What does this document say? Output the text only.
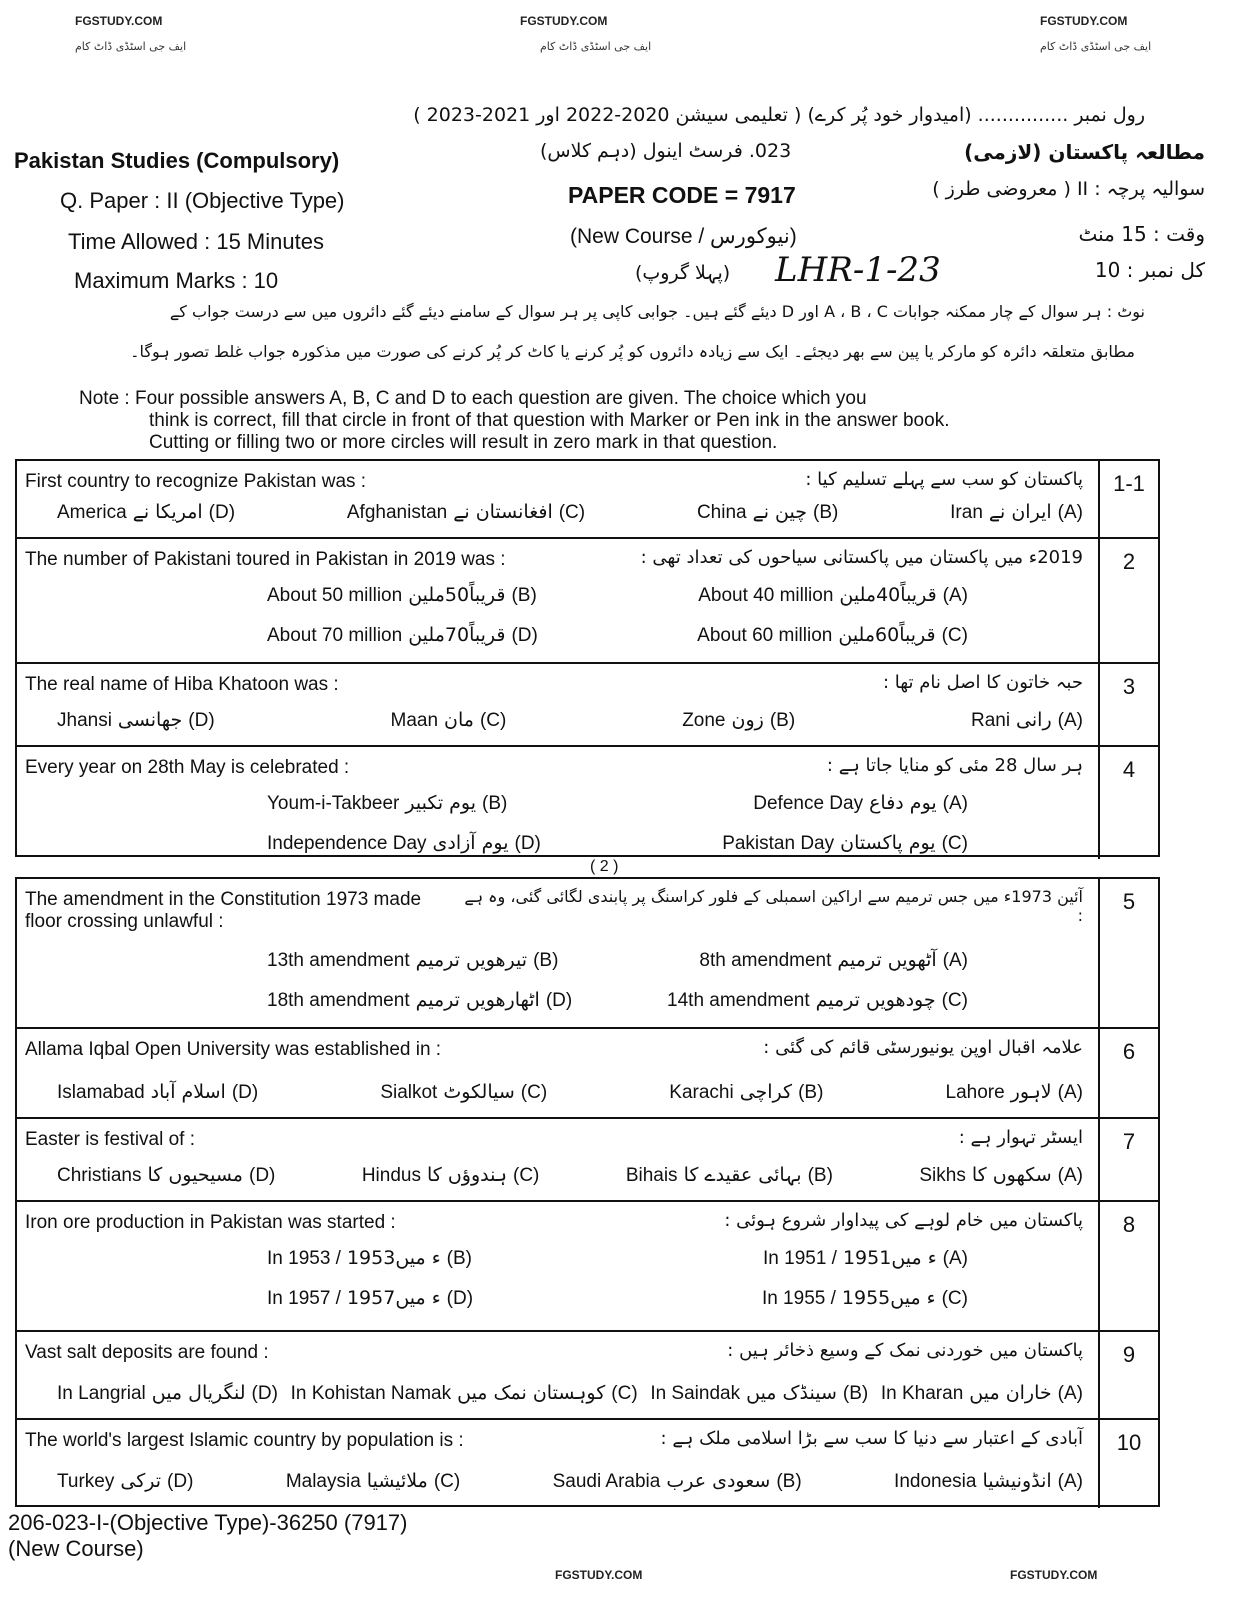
FGSTUDY.COM	FGSTUDY.COM	FGSTUDY.COM
ایف جی اسٹڈی ڈاٹ کام	ایف جی اسٹڈی ڈاٹ کام	ایف جی اسٹڈی ڈاٹ کام
رول نمبر ............... (امیدوار خود پُر کرے) ( تعلیمی سیشن 2020-2022 اور 2021-2023 )
Pakistan Studies (Compulsory)	مطالعہ پاکستان (لازمی)
023. فرسٹ اینول (دہم کلاس)
Q. Paper : II (Objective Type)	PAPER CODE = 7917	سوالیہ پرچہ : II ( معروضی طرز )
Time Allowed : 15 Minutes	(New Course / نیوکورس)	وقت : 15 منٹ
Maximum Marks : 10	(پہلا گروپ) LHR-1-23	کل نمبر : 10
نوٹ : ہر سوال کے چار ممکنہ جوابات A ، B ، C اور D دیئے گئے ہیں۔ جوابی کاپی پر ہر سوال کے سامنے دیئے گئے دائروں میں سے درست جواب کے
مطابق متعلقہ دائرہ کو مارکر یا پین سے بھر دیجئے۔ ایک سے زیادہ دائروں کو پُر کرنے یا کاٹ کر پُر کرنے کی صورت میں مذکورہ جواب غلط تصور ہوگا۔
Note : Four possible answers A, B, C and D to each question are given. The choice which you
think is correct, fill that circle in front of that question with Marker or Pen ink in the answer book.
Cutting or filling two or more circles will result in zero mark in that question.
1-1
First country to recognize Pakistan was :	پاکستان کو سب سے پہلے تسلیم کیا :
America امریکا نے (D)	Afghanistan افغانستان نے (C)	China چین نے (B)	Iran ایران نے (A)
2
The number of Pakistani toured in Pakistan in 2019 was :	2019ء میں پاکستان میں پاکستانی سیاحوں کی تعداد تھی :
About 50 million قریباً50ملین (B)	About 40 million قریباً40ملین (A)
About 70 million قریباً70ملین (D)	About 60 million قریباً60ملین (C)
3
The real name of Hiba Khatoon was :	حبہ خاتون کا اصل نام تھا :
Jhansi جھانسی (D)	Maan مان (C)	Zone زون (B)	Rani رانی (A)
4
Every year on 28th May is celebrated :	ہر سال 28 مئی کو منایا جاتا ہے :
Youm-i-Takbeer یوم تکبیر (B)	Defence Day یوم دفاع (A)
Independence Day یوم آزادی (D)	Pakistan Day یوم پاکستان (C)
( 2 )
5
The amendment in the Constitution 1973 made floor crossing unlawful :
آئین 1973ء میں جس ترمیم سے اراکین اسمبلی کے فلور کراسنگ پر پابندی لگائی گئی، وہ ہے :
13th amendment تیرھویں ترمیم (B)	8th amendment آٹھویں ترمیم (A)
18th amendment اٹھارھویں ترمیم (D)	14th amendment چودھویں ترمیم (C)
6
Allama Iqbal Open University was established in :	علامہ اقبال اوپن یونیورسٹی قائم کی گئی :
Islamabad اسلام آباد (D)	Sialkot سیالکوٹ (C)	Karachi کراچی (B)	Lahore لاہور (A)
7
Easter is festival of :	ایسٹر تہوار ہے :
Christians مسیحیوں کا (D)	Hindus ہندوؤں کا (C)	Bihais بہائی عقیدے کا (B)	Sikhs سکھوں کا (A)
8
Iron ore production in Pakistan was started :	پاکستان میں خام لوہے کی پیداوار شروع ہوئی :
In 1953 / 1953ء میں (B)	In 1951 / 1951ء میں (A)
In 1957 / 1957ء میں (D)	In 1955 / 1955ء میں (C)
9
Vast salt deposits are found :	پاکستان میں خوردنی نمک کے وسیع ذخائر ہیں :
In Langrial لنگریال میں (D) In Kohistan Namak کوہستان نمک میں (C) In Saindak سینڈک میں (B) In Kharan خاران میں (A)
10
The world's largest Islamic country by population is :	آبادی کے اعتبار سے دنیا کا سب سے بڑا اسلامی ملک ہے :
Turkey ترکی (D)	Malaysia ملائیشیا (C)	Saudi Arabia سعودی عرب (B)	Indonesia انڈونیشیا (A)
206-023-I-(Objective Type)-36250 (7917)
(New Course)
FGSTUDY.COM	FGSTUDY.COM
